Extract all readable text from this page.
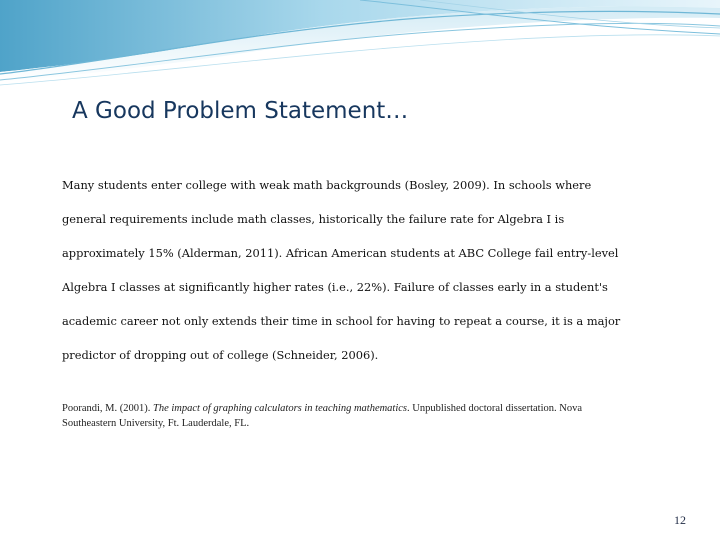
A Good Problem Statement…

Many students enter college with weak math backgrounds (Bosley, 2009). In schools where
general requirements include math classes, historically the failure rate for Algebra I is
approximately 15% (Alderman, 2011). African American students at ABC College fail entry-level
Algebra I classes at significantly higher rates (i.e., 22%). Failure of classes early in a student's
academic career not only extends their time in school for having to repeat a course, it is a major
predictor of dropping out of college (Schneider, 2006).

Poorandi, M. (2001). The impact of graphing calculators in teaching mathematics. Unpublished doctoral dissertation. Nova
Southeastern University, Ft. Lauderdale, FL.

12
